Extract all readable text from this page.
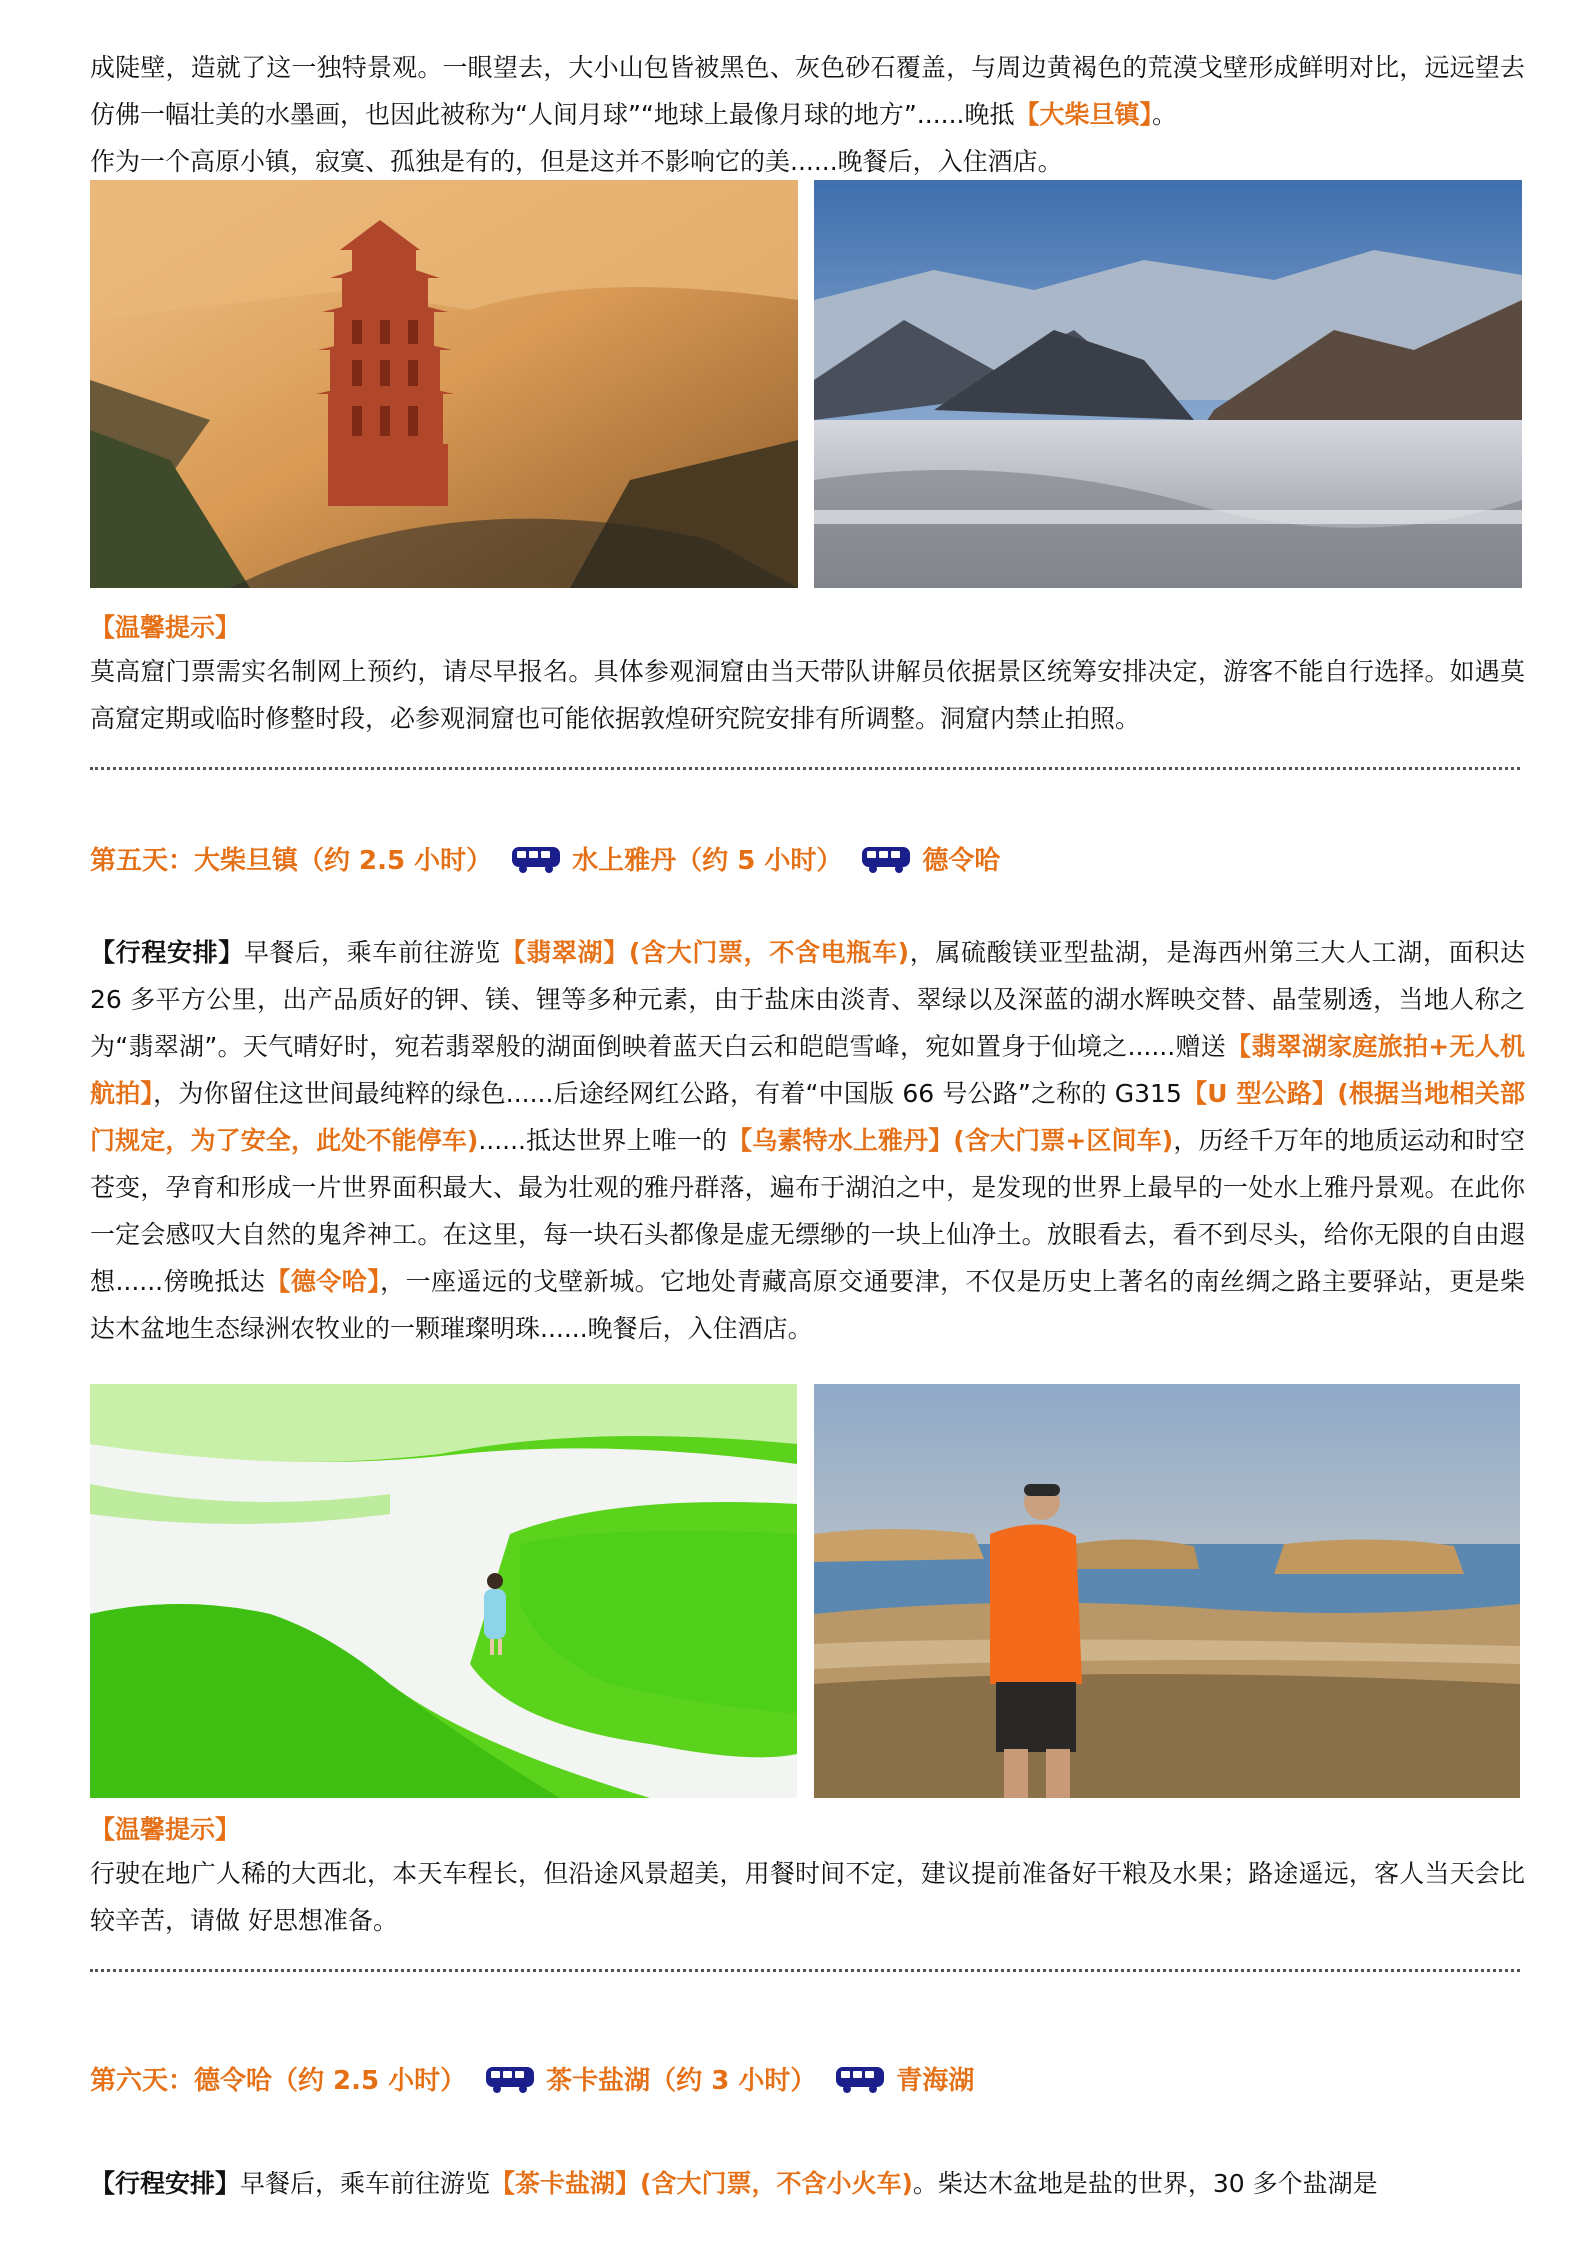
成陡壁，造就了这一独特景观。一眼望去，大小山包皆被黑色、灰色砂石覆盖，与周边黄褐色的荒漠戈壁形成鲜明对比，远远望去仿佛一幅壮美的水墨画，也因此被称为“人间月球”“地球上最像月球的地方”......晚抵【大柴旦镇】。
作为一个高原小镇，寂寞、孤独是有的，但是这并不影响它的美......晚餐后，入住酒店。

【温馨提示】

莫高窟门票需实名制网上预约，请尽早报名。具体参观洞窟由当天带队讲解员依据景区统筹安排决定，游客不能自行选择。如遇莫高窟定期或临时修整时段，必参观洞窟也可能依据敦煌研究院安排有所调整。洞窟内禁止拍照。

第五天：大柴旦镇（约 2.5 小时）	水上雅丹（约 5 小时）	德令哈

【行程安排】早餐后，乘车前往游览【翡翠湖】(含大门票，不含电瓶车)，属硫酸镁亚型盐湖，是海西州第三大人工湖，面积达 26 多平方公里，出产品质好的钾、镁、锂等多种元素，由于盐床由淡青、翠绿以及深蓝的湖水辉映交替、晶莹剔透，当地人称之为“翡翠湖”。天气晴好时，宛若翡翠般的湖面倒映着蓝天白云和皑皑雪峰，宛如置身于仙境之......赠送【翡翠湖家庭旅拍+无人机航拍】，为你留住这世间最纯粹的绿色......后途经网红公路，有着“中国版 66 号公路”之称的 G315【U 型公路】(根据当地相关部门规定，为了安全，此处不能停车)......抵达世界上唯一的【乌素特水上雅丹】(含大门票+区间车)，历经千万年的地质运动和时空苍变，孕育和形成一片世界面积最大、最为壮观的雅丹群落，遍布于湖泊之中，是发现的世界上最早的一处水上雅丹景观。在此你一定会感叹大自然的鬼斧神工。在这里，每一块石头都像是虚无缥缈的一块上仙净土。放眼看去，看不到尽头，给你无限的自由遐想......傍晚抵达【德令哈】，一座遥远的戈壁新城。它地处青藏高原交通要津，不仅是历史上著名的南丝绸之路主要驿站，更是柴达木盆地生态绿洲农牧业的一颗璀璨明珠......晚餐后，入住酒店。

【温馨提示】

行驶在地广人稀的大西北，本天车程长，但沿途风景超美，用餐时间不定，建议提前准备好干粮及水果；路途遥远，客人当天会比较辛苦，请做 好思想准备。

第六天：德令哈（约 2.5 小时）	茶卡盐湖（约 3 小时）	青海湖

【行程安排】早餐后，乘车前往游览【茶卡盐湖】(含大门票，不含小火车)。柴达木盆地是盐的世界，30 多个盐湖是
